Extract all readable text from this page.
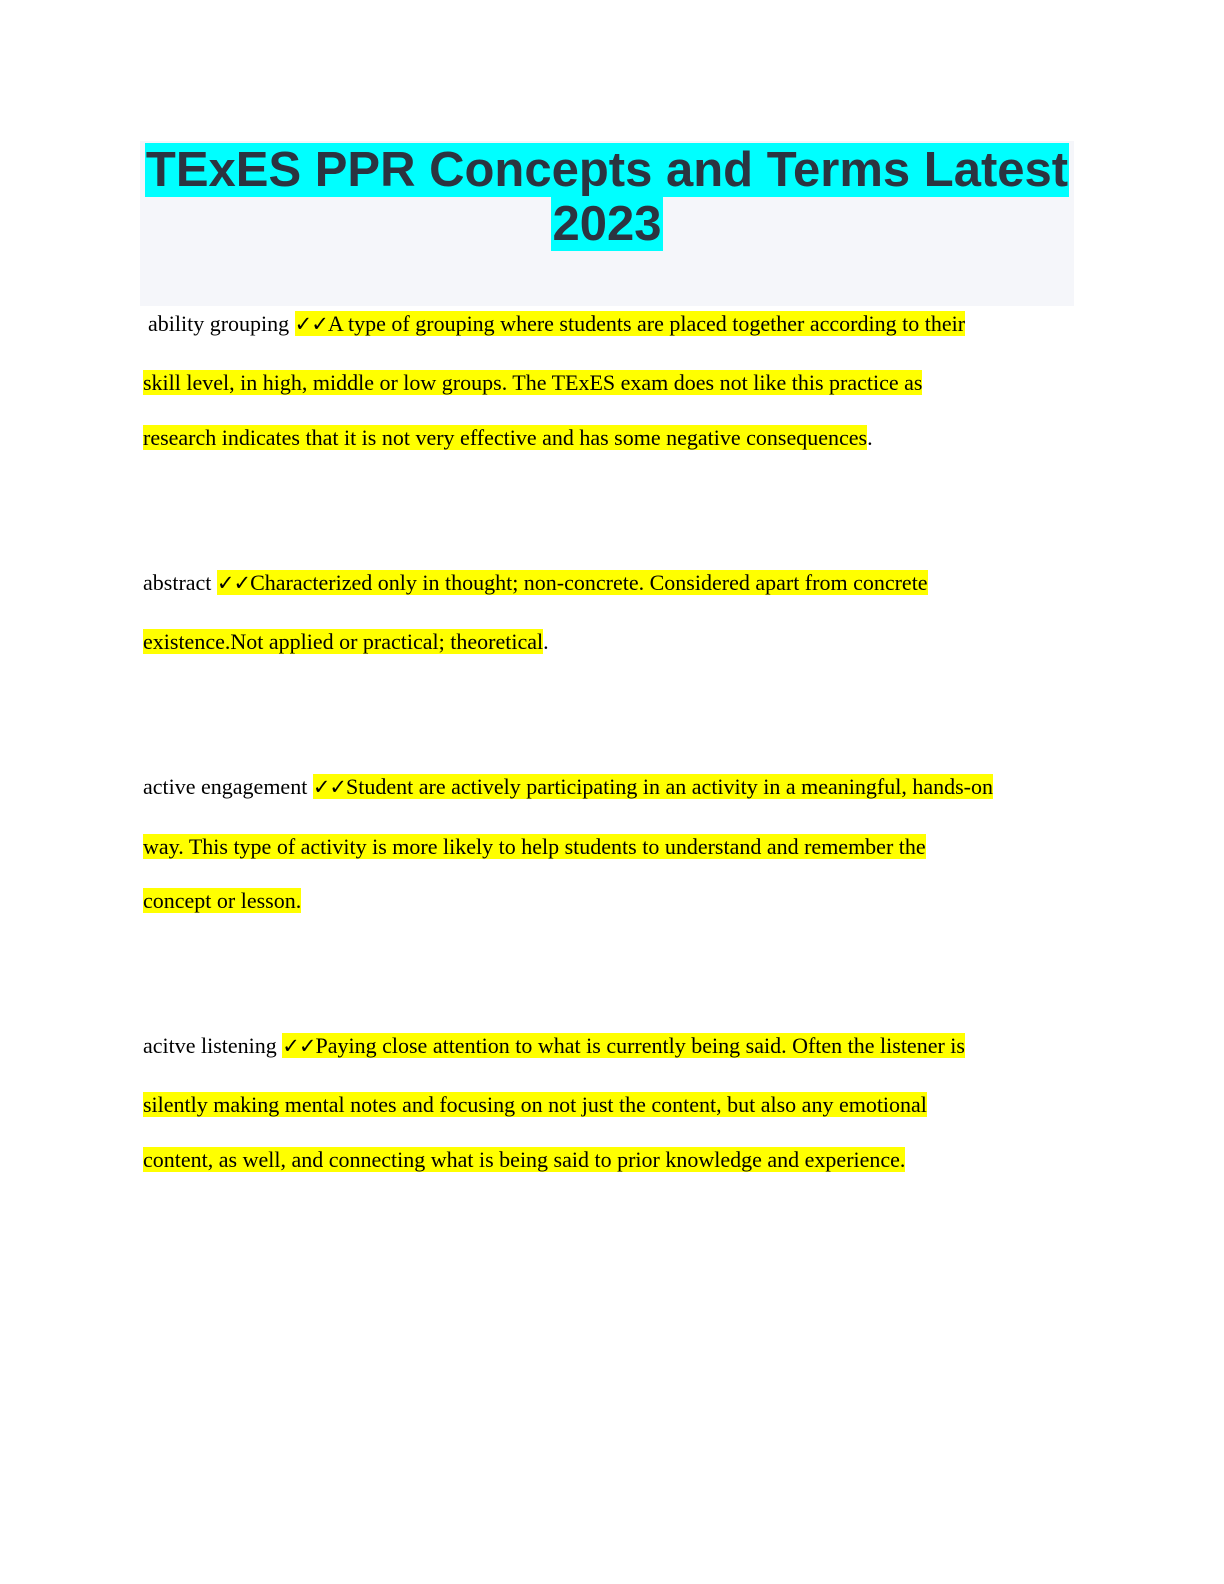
TExES PPR Concepts and Terms Latest
2023

ability grouping ✓✓A type of grouping where students are placed together according to their

skill level, in high, middle or low groups. The TExES exam does not like this practice as

research indicates that it is not very effective and has some negative consequences.

abstract ✓✓Characterized only in thought; non-concrete. Considered apart from concrete

existence.Not applied or practical; theoretical.

active engagement ✓✓Student are actively participating in an activity in a meaningful, hands-on

way. This type of activity is more likely to help students to understand and remember the

concept or lesson.

acitve listening ✓✓Paying close attention to what is currently being said. Often the listener is

silently making mental notes and focusing on not just the content, but also any emotional

content, as well, and connecting what is being said to prior knowledge and experience.
